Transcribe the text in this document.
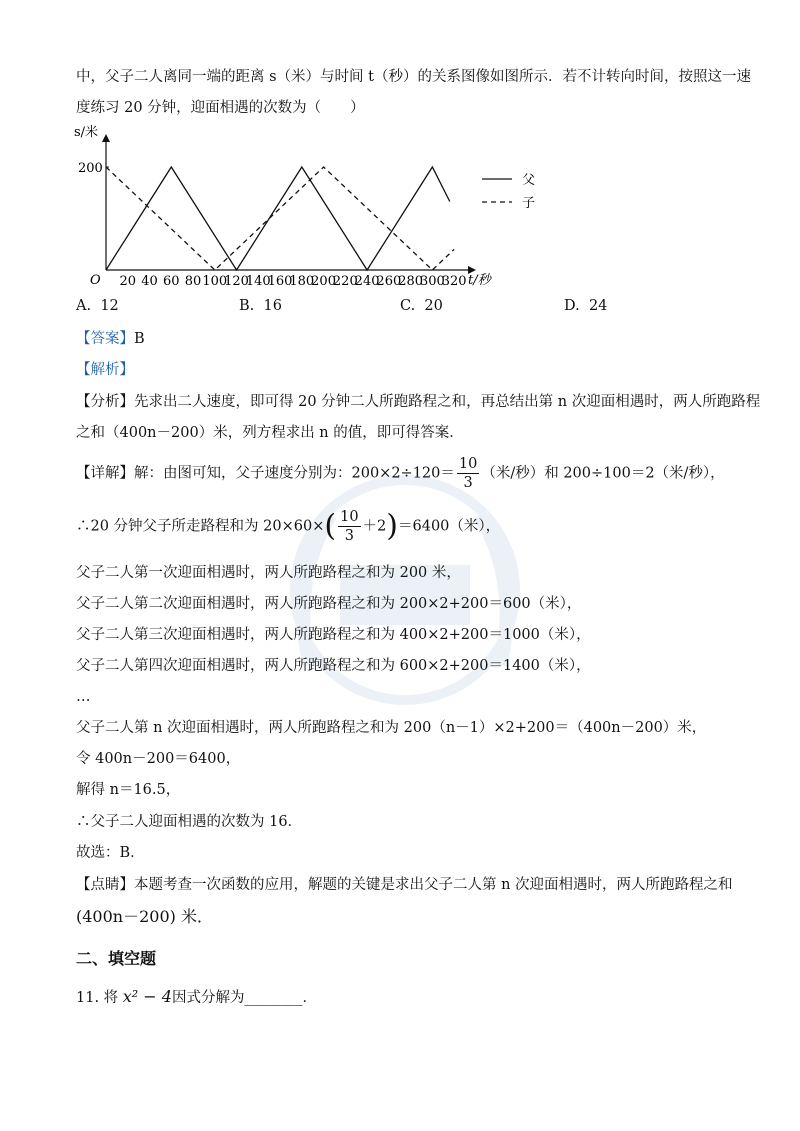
中，父子二人离同一端的距离 s（米）与时间 t（秒）的关系图像如图所示．若不计转向时间，按照这一速
度练习 20 分钟，迎面相遇的次数为（　　）
s/米
t/秒
O
200
20 40 60 80 100
120
140
160
180
200
220
240
260
280
300
320
父
子
A. 12	B. 16	C. 20	D. 24
【答案】B
【解析】
【分析】先求出二人速度，即可得 20 分钟二人所跑路程之和，再总结出第 n 次迎面相遇时，两人所跑路程
之和（400n－200）米，列方程求出 n 的值，即可得答案．
【详解】解：由图可知，父子速度分别为：$200\times 2\div 120= \frac{10}{3}$ （米/秒）和 200÷100＝2（米/秒），
∴20 分钟父子所走路程和为 $20\times 60\times( \frac{10}{3} +2)=6400$（米），
父子二人第一次迎面相遇时，两人所跑路程之和为 200 米，
父子二人第二次迎面相遇时，两人所跑路程之和为 200×2+200＝600（米），
父子二人第三次迎面相遇时，两人所跑路程之和为 400×2+200＝1000（米），
父子二人第四次迎面相遇时，两人所跑路程之和为 600×2+200＝1400（米），
…
父子二人第 n 次迎面相遇时，两人所跑路程之和为 200（n－1）×2+200＝（400n－200）米，
令 400n－200＝6400，
解得 n＝16.5，
∴父子二人迎面相遇的次数为 16．
故选：B．
【点睛】本题考查一次函数的应用，解题的关键是求出父子二人第 n 次迎面相遇时，两人所跑路程之和
(400n－200) 米．
二、填空题
11. 将 x² − 4因式分解为________．
